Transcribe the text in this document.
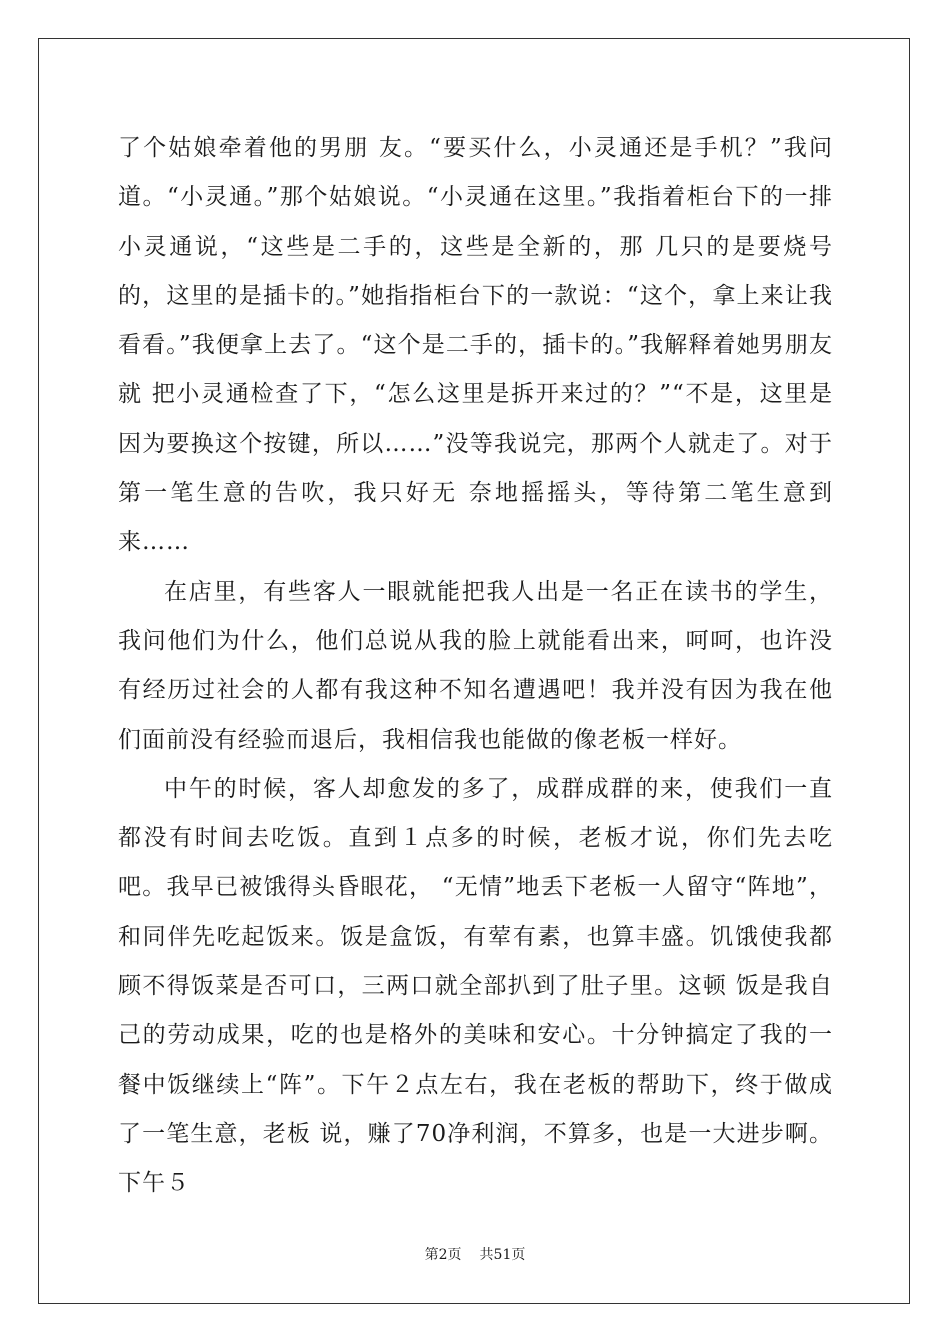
了个姑娘牵着他的男朋 友。“要买什么，小灵通还是手机？”我问道。“小灵通。”那个姑娘说。“小灵通在这里。”我指着柜台下的一排小灵通说，“这些是二手的，这些是全新的，那 几只的是要烧号的，这里的是插卡的。”她指指柜台下的一款说：“这个，拿上来让我看看。”我便拿上去了。“这个是二手的，插卡的。”我解释着她男朋友就 把小灵通检查了下，“怎么这里是拆开来过的？”“不是，这里是因为要换这个按键，所以……”没等我说完，那两个人就走了。对于第一笔生意的告吹，我只好无 奈地摇摇头，等待第二笔生意到来……

在店里，有些客人一眼就能把我人出是一名正在读书的学生，我问他们为什么，他们总说从我的脸上就能看出来，呵呵，也许没有经历过社会的人都有我这种不知名遭遇吧！我并没有因为我在他们面前没有经验而退后，我相信我也能做的像老板一样好。

中午的时候，客人却愈发的多了，成群成群的来，使我们一直都没有时间去吃饭。直到１点多的时候，老板才说，你们先去吃吧。我早已被饿得头昏眼花， “无情”地丢下老板一人留守“阵地”，和同伴先吃起饭来。饭是盒饭，有荤有素，也算丰盛。饥饿使我都顾不得饭菜是否可口，三两口就全部扒到了肚子里。这顿 饭是我自己的劳动成果，吃的也是格外的美味和安心。十分钟搞定了我的一餐中饭继续上“阵”。下午２点左右，我在老板的帮助下，终于做成了一笔生意，老板 说，赚了70净利润，不算多，也是一大进步啊。下午５

第2页 共51页
